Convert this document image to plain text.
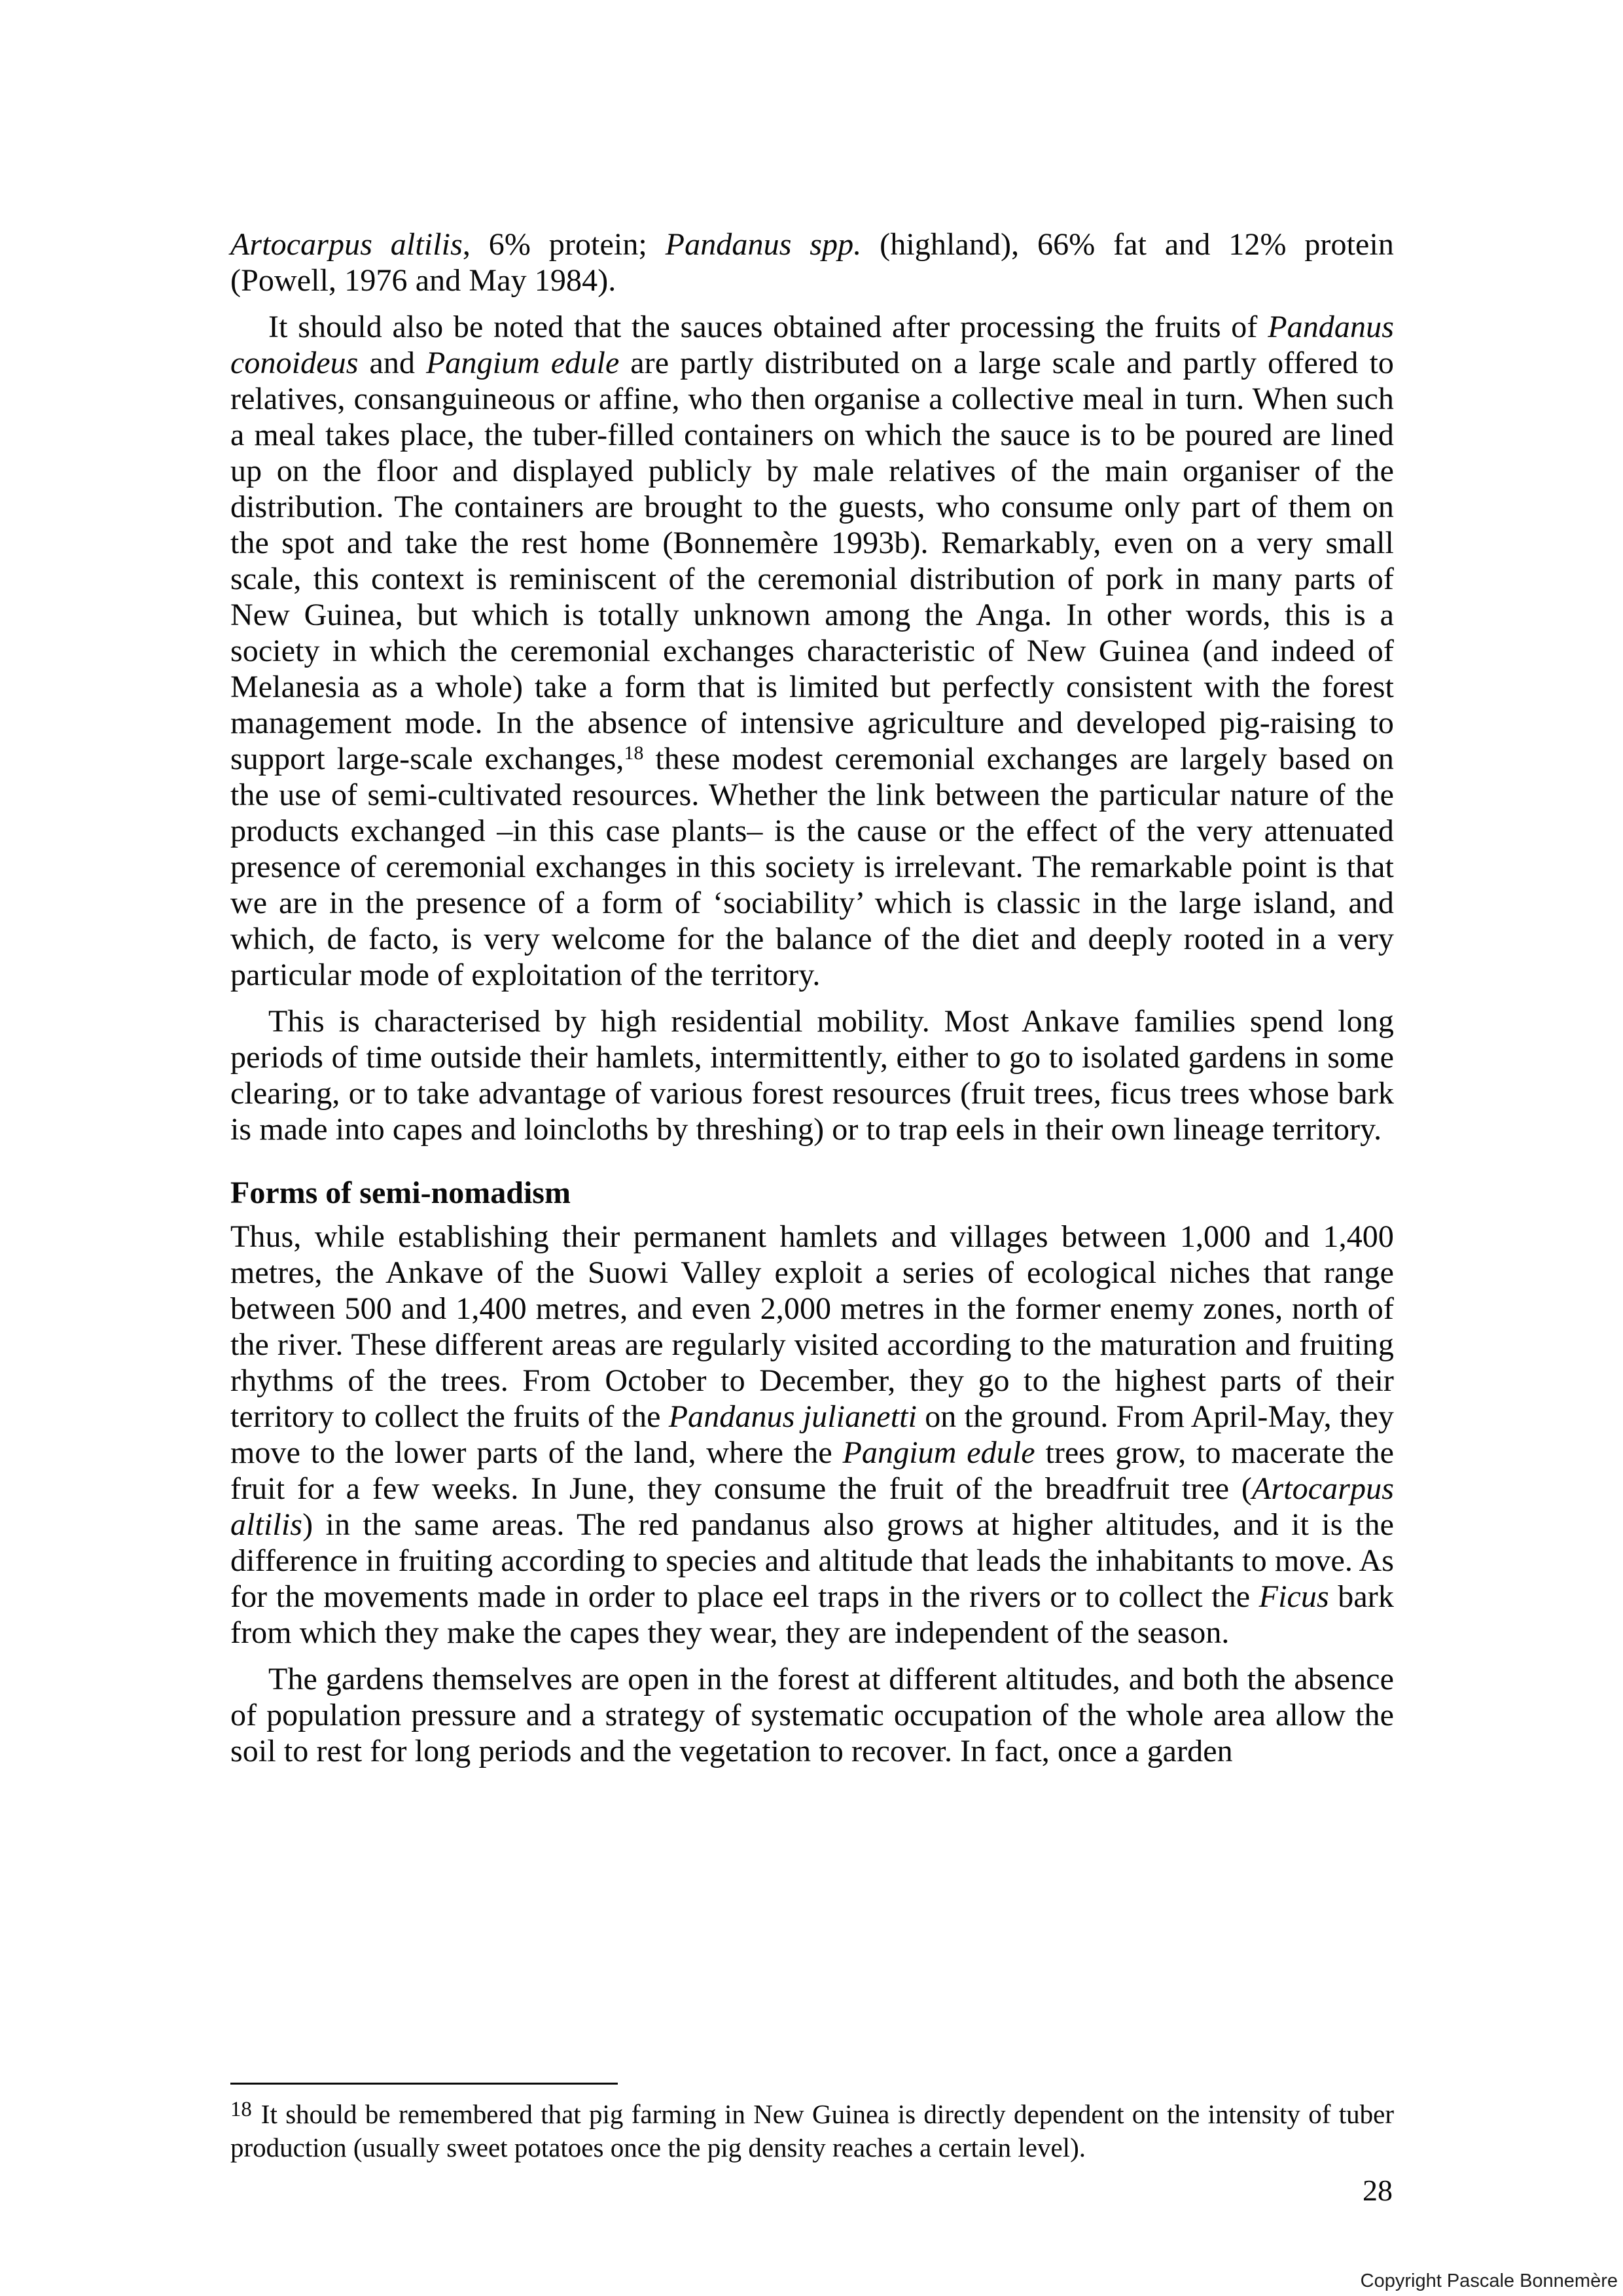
Artocarpus altilis, 6% protein; Pandanus spp. (highland), 66% fat and 12% protein (Powell, 1976 and May 1984).

It should also be noted that the sauces obtained after processing the fruits of Pandanus conoideus and Pangium edule are partly distributed on a large scale and partly offered to relatives, consanguineous or affine, who then organise a collective meal in turn. When such a meal takes place, the tuber-filled containers on which the sauce is to be poured are lined up on the floor and displayed publicly by male relatives of the main organiser of the distribution. The containers are brought to the guests, who consume only part of them on the spot and take the rest home (Bonnemère 1993b). Remarkably, even on a very small scale, this context is reminiscent of the ceremonial distribution of pork in many parts of New Guinea, but which is totally unknown among the Anga. In other words, this is a society in which the ceremonial exchanges characteristic of New Guinea (and indeed of Melanesia as a whole) take a form that is limited but perfectly consistent with the forest management mode. In the absence of intensive agriculture and developed pig-raising to support large-scale exchanges,$^{18}$ these modest ceremonial exchanges are largely based on the use of semi-cultivated resources. Whether the link between the particular nature of the products exchanged –in this case plants– is the cause or the effect of the very attenuated presence of ceremonial exchanges in this society is irrelevant. The remarkable point is that we are in the presence of a form of ‘sociability’ which is classic in the large island, and which, de facto, is very welcome for the balance of the diet and deeply rooted in a very particular mode of exploitation of the territory.

This is characterised by high residential mobility. Most Ankave families spend long periods of time outside their hamlets, intermittently, either to go to isolated gardens in some clearing, or to take advantage of various forest resources (fruit trees, ficus trees whose bark is made into capes and loincloths by threshing) or to trap eels in their own lineage territory.

Forms of semi-nomadism

Thus, while establishing their permanent hamlets and villages between 1,000 and 1,400 metres, the Ankave of the Suowi Valley exploit a series of ecological niches that range between 500 and 1,400 metres, and even 2,000 metres in the former enemy zones, north of the river. These different areas are regularly visited according to the maturation and fruiting rhythms of the trees. From October to December, they go to the highest parts of their territory to collect the fruits of the Pandanus julianetti on the ground. From April-May, they move to the lower parts of the land, where the Pangium edule trees grow, to macerate the fruit for a few weeks. In June, they consume the fruit of the breadfruit tree (Artocarpus altilis) in the same areas. The red pandanus also grows at higher altitudes, and it is the difference in fruiting according to species and altitude that leads the inhabitants to move. As for the movements made in order to place eel traps in the rivers or to collect the Ficus bark from which they make the capes they wear, they are independent of the season.

The gardens themselves are open in the forest at different altitudes, and both the absence of population pressure and a strategy of systematic occupation of the whole area allow the soil to rest for long periods and the vegetation to recover. In fact, once a garden

$^{18}$ It should be remembered that pig farming in New Guinea is directly dependent on the intensity of tuber production (usually sweet potatoes once the pig density reaches a certain level).

28
Copyright Pascale Bonnemère
